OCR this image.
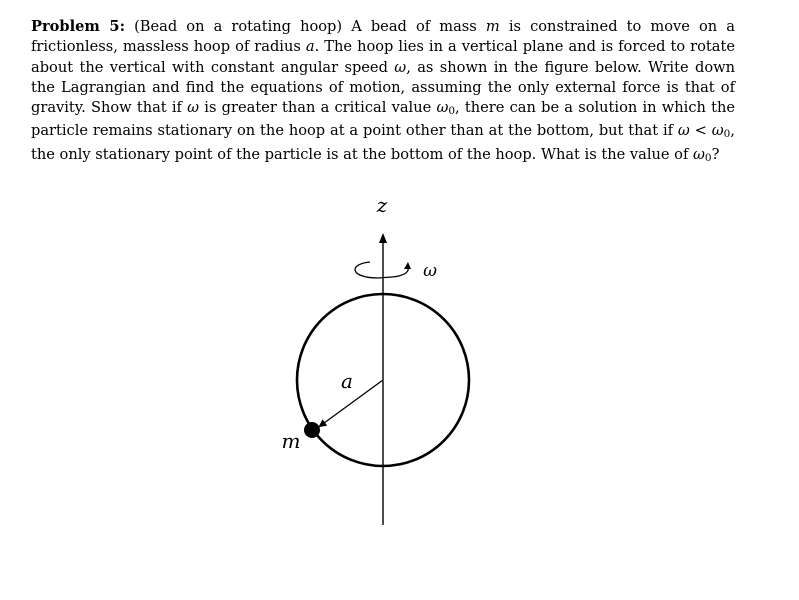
Problem 5: (Bead on a rotating hoop) A bead of mass m is constrained to move on a frictionless, massless hoop of radius a. The hoop lies in a vertical plane and is forced to rotate about the vertical with constant angular speed ω, as shown in the figure below. Write down the Lagrangian and find the equations of motion, assuming the only external force is that of gravity. Show that if ω is greater than a critical value ω0, there can be a solution in which the particle remains stationary on the hoop at a point other than at the bottom, but that if ω < ω0, the only stationary point of the particle is at the bottom of the hoop. What is the value of ω0?
z
ω
a
m
